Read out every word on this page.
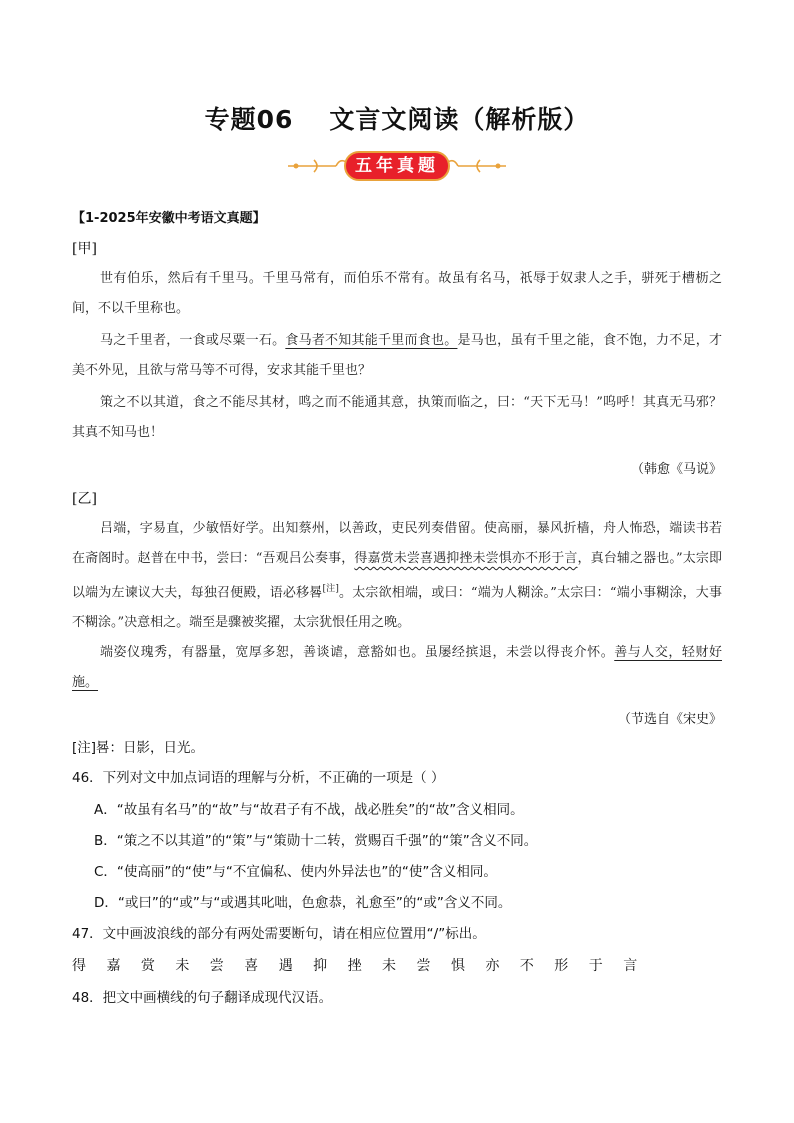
专题06 文言文阅读（解析版）
五年真题
【1-2025年安徽中考语文真题】
[甲]
世有伯乐，然后有千里马。千里马常有，而伯乐不常有。故虽有名马，祇辱于奴隶人之手，骈死于槽枥之间，不以千里称也。
马之千里者，一食或尽粟一石。食马者不知其能千里而食也。是马也，虽有千里之能，食不饱，力不足，才美不外见，且欲与常马等不可得，安求其能千里也？
策之不以其道，食之不能尽其材，鸣之而不能通其意，执策而临之，曰：“天下无马！”呜呼！其真无马邪？其真不知马也！
（韩愈《马说》
[乙]
吕端，字易直，少敏悟好学。出知蔡州，以善政，吏民列奏借留。使高丽，暴风折樯，舟人怖恐，端读书若在斋阁时。赵普在中书，尝曰：“吾观吕公奏事，得嘉赏未尝喜遇抑挫未尝惧亦不形于言，真台辅之器也。”太宗即以端为左谏议大夫，每独召便殿，语必移晷[注]。太宗欲相端，或曰：“端为人糊涂。”太宗曰：“端小事糊涂，大事不糊涂。”决意相之。端至是骤被奖擢，太宗犹恨任用之晚。
端姿仪瑰秀，有器量，宽厚多恕，善谈谑，意豁如也。虽屡经摈退，未尝以得丧介怀。善与人交，轻财好施。
（节选自《宋史》
[注]晷：日影，日光。
46．下列对文中加点词语的理解与分析，不正确的一项是（ ）
A．“故虽有名马”的“故”与“故君子有不战，战必胜矣”的“故”含义相同。
B．“策之不以其道”的“策”与“策勋十二转，赏赐百千强”的“策”含义不同。
C．“使高丽”的“使”与“不宜偏私、使内外异法也”的“使”含义相同。
D．“或曰”的“或”与“或遇其叱咄，色愈恭，礼愈至”的“或”含义不同。
47．文中画波浪线的部分有两处需要断句，请在相应位置用“/”标出。
得 嘉 赏 未 尝 喜 遇 抑 挫 未 尝 惧 亦 不 形 于 言
48．把文中画横线的句子翻译成现代汉语。
